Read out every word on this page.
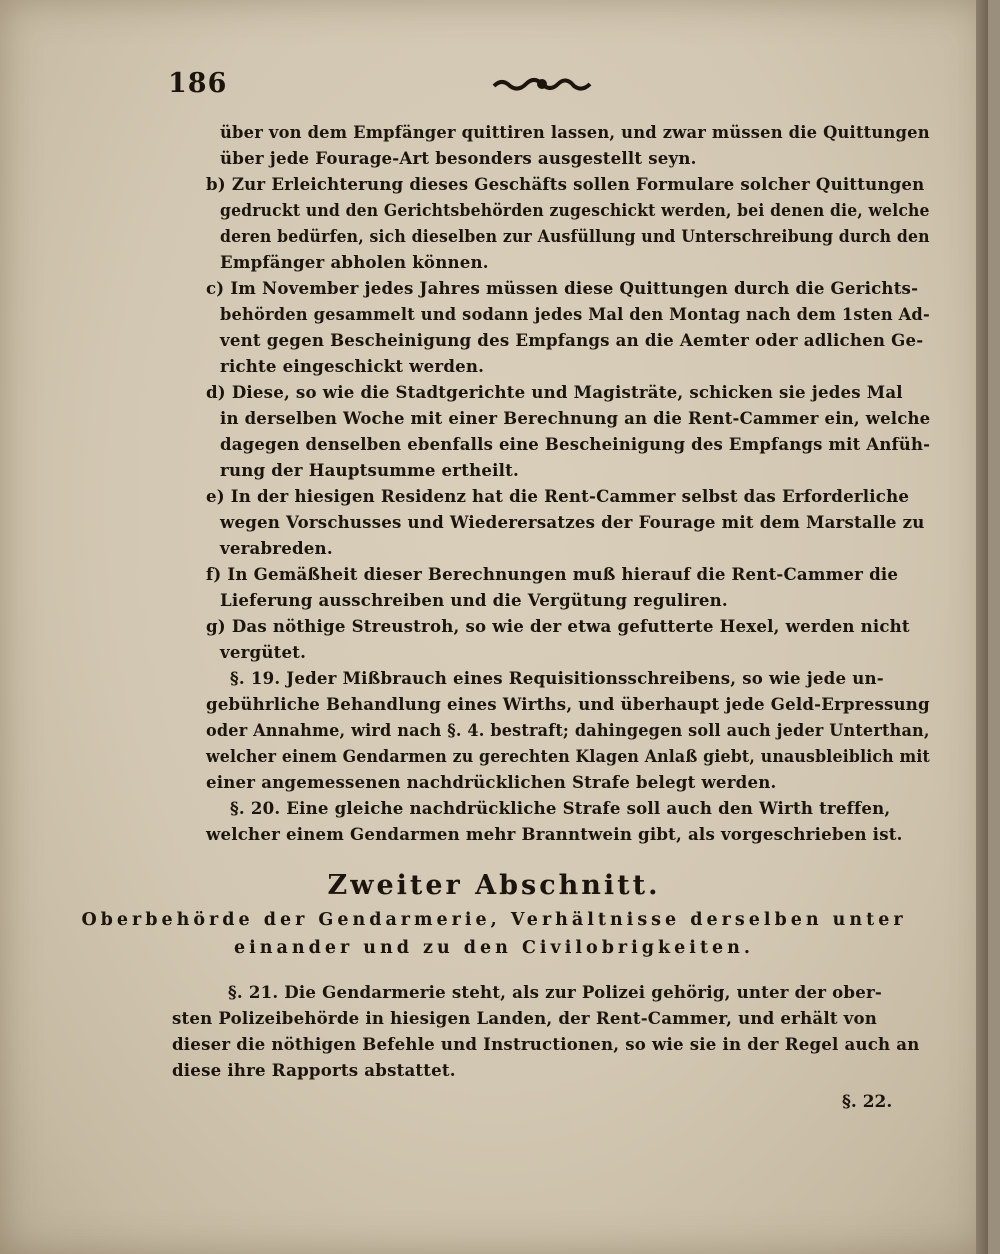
186
über von dem Empfänger quittiren lassen, und zwar müssen die Quittungen
über jede Fourage-Art besonders ausgestellt seyn.
b) Zur Erleichterung dieses Geschäfts sollen Formulare solcher Quittungen
gedruckt und den Gerichtsbehörden zugeschickt werden, bei denen die, welche
deren bedürfen, sich dieselben zur Ausfüllung und Unterschreibung durch den
Empfänger abholen können.
c) Im November jedes Jahres müssen diese Quittungen durch die Gerichts-
behörden gesammelt und sodann jedes Mal den Montag nach dem 1sten Ad-
vent gegen Bescheinigung des Empfangs an die Aemter oder adlichen Ge-
richte eingeschickt werden.
d) Diese, so wie die Stadtgerichte und Magisträte, schicken sie jedes Mal
in derselben Woche mit einer Berechnung an die Rent-Cammer ein, welche
dagegen denselben ebenfalls eine Bescheinigung des Empfangs mit Anfüh-
rung der Hauptsumme ertheilt.
e) In der hiesigen Residenz hat die Rent-Cammer selbst das Erforderliche
wegen Vorschusses und Wiederersatzes der Fourage mit dem Marstalle zu
verabreden.
f) In Gemäßheit dieser Berechnungen muß hierauf die Rent-Cammer die
Lieferung ausschreiben und die Vergütung reguliren.
g) Das nöthige Streustroh, so wie der etwa gefutterte Hexel, werden nicht
vergütet.
§. 19. Jeder Mißbrauch eines Requisitionsschreibens, so wie jede un-
gebührliche Behandlung eines Wirths, und überhaupt jede Geld-Erpressung
oder Annahme, wird nach §. 4. bestraft; dahingegen soll auch jeder Unterthan,
welcher einem Gendarmen zu gerechten Klagen Anlaß giebt, unausbleiblich mit
einer angemessenen nachdrücklichen Strafe belegt werden.
§. 20. Eine gleiche nachdrückliche Strafe soll auch den Wirth treffen,
welcher einem Gendarmen mehr Branntwein gibt, als vorgeschrieben ist.
Zweiter Abschnitt.
Oberbehörde der Gendarmerie, Verhältnisse derselben unter
einander und zu den Civilobrigkeiten.
§. 21. Die Gendarmerie steht, als zur Polizei gehörig, unter der ober-
sten Polizeibehörde in hiesigen Landen, der Rent-Cammer, und erhält von
dieser die nöthigen Befehle und Instructionen, so wie sie in der Regel auch an
diese ihre Rapports abstattet.
§. 22.
